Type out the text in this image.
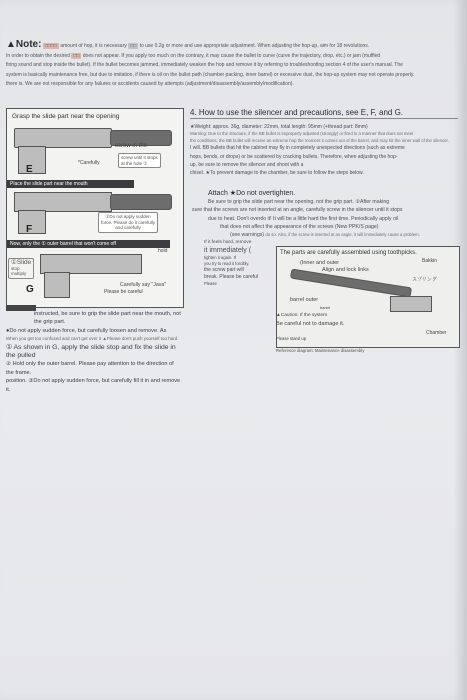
▲Note: □□□□ amount of hop, it is necessary □□ to use 0.2g or more and use appropriate adjustment. When adjusting the hop-up, aim for 18 revolutions.
In order to obtain the desired □□ does not appear. If you apply too much on the contrary, it may cause the bullet to curve (curve the trajectory, drop, etc.) or jam (muffled
firing sound and stop inside the bullet). If the bullet becomes jammed, immediately weaken the hop and remove it by referring to troubleshooting section 4 of the user's manual. The
system is basically maintenance free, but due to imitation, if there is oil on the bullet path (chamber packing, inner barrel) or excessive dust, the hop-up system may not operate properly.
there is. We are not responsible for any failures or accidents caused by attempts (adjustment/disassembly/assembly/modification).
Grasp the slide part near the opening
screw in the
screw until it stops
at the hole ①
*Carefully
E
Place the slide part near the mouth
①Do not apply sudden
force. Please do it carefully
and carefully
F
Now, only the ① outer barrel that won't come off
hold
①Slide
stop
multiply
G	Carefully say "Java"
Please be careful
4. How to use the silencer and precautions, see E, F, and G.
★Weight: approx. 36g, diameter: 22mm, total length: 95mm (+thread part: 8mm)
Warning: Due to the structure, if the BB bullet is improperly adjusted (strongly) or fired in a manner that does not meet
the conditions, the BB bullet will receive an extreme hop the moment it comes out of the barrel, and may hit the inner wall of the silencer.
I will. BB bullets that hit the cabinet may fly in completely unexpected directions (such as extreme
hops, bends, or drops) or be scattered by cracking bullets. Therefore, when adjusting the hop-
up, be sure to remove the silencer and shoot with a
chisel. ★To prevent damage to the chamber, be sure to follow the steps below.
Attach ★Do not overtighten.
Be sure to grip the slide part near the opening, not the grip part. ②After making
sure that the screws are not inserted at an angle, carefully screw in the silencer until it stops
due to heat. Don't overdo it! It will be a little hard the first time. Periodically apply oil
that does not affect the appearance of the screws (New PPK/S page)
(see warnings) do so. Also, if the screw is inserted at an angle, it will immediately cause a problem.
If it feels hard, remove
it immediately (
tighten it again. If
you try to read it forcibly,
the screw part will
break. Please be careful
Please
The parts are carefully assembled using toothpicks.
Bakkin
(Inner and outer
Align and lock links
barrel outer
barrel
スプリング
▲Caution: If the system
Be careful not to damage it.
Chamber
Please stand up
Reference diagram: Maintenance disassembly
instructed, be sure to grip the slide part near the mouth, not the grip part.
●Do not apply sudden force, but carefully loosen and remove. As
When you get too confused and can't get over it ▲Please don't push yourself too hard.
① As shown in G, apply the slide stop and fix the slide in the pulled
② Hold only the outer barrel. Please pay attention to the direction of the frame.
position. ③Do not apply sudden force, but carefully fill it in and remove it.
